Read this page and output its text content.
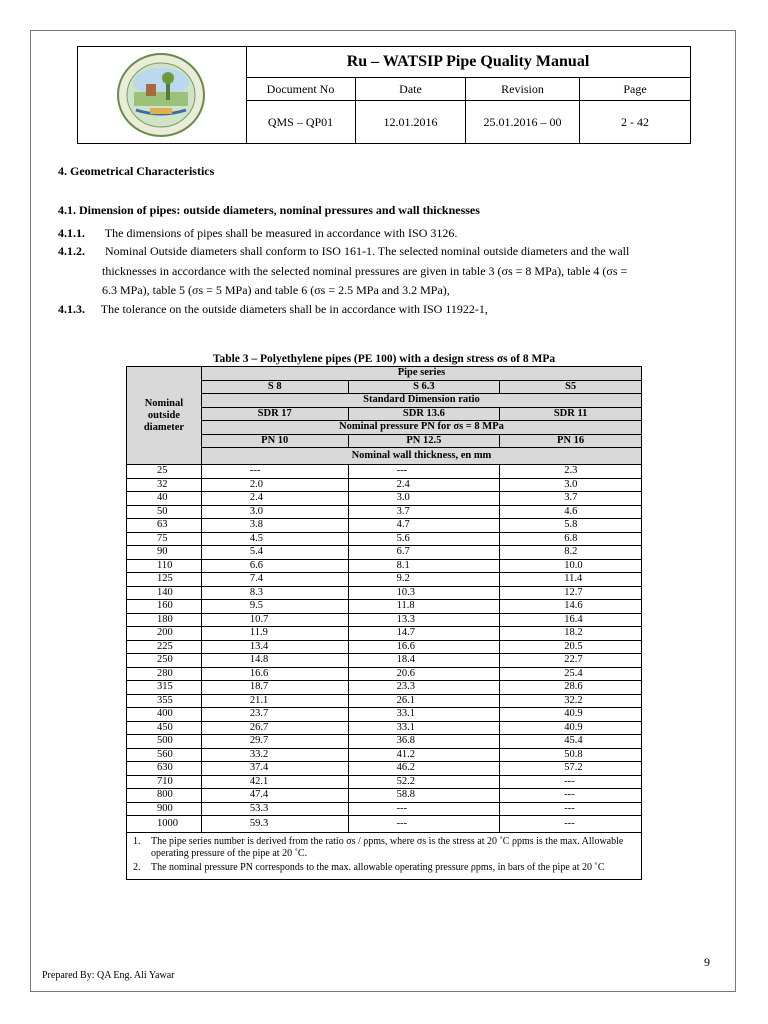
Ru – WATSIP Pipe Quality Manual
Document No	Date	Revision	Page
QMS – QP01	12.01.2016	25.01.2016 – 00	2 - 42
4. Geometrical Characteristics
4.1. Dimension of pipes: outside diameters, nominal pressures and wall thicknesses
4.1.1. The dimensions of pipes shall be measured in accordance with ISO 3126.
4.1.2. Nominal Outside diameters shall conform to ISO 161-1. The selected nominal outside diameters and the wall
thicknesses in accordance with the selected nominal pressures are given in table 3 (σs = 8 MPa), table 4 (σs =
6.3 MPa), table 5 (σs = 5 MPa) and table 6 (σs = 2.5 MPa and 3.2 MPa),
4.1.3. The tolerance on the outside diameters shall be in accordance with ISO 11922-1,
Table 3 – Polyethylene pipes (PE 100) with a design stress σs of 8 MPa
Nominal outside diameter	Pipe series		
	S 8	S 6.3	S5
	Standard Dimension ratio		
	SDR 17	SDR 13.6	SDR 11
	Nominal pressure PN for σs = 8 MPa		
	PN 10	PN 12.5	PN 16
	Nominal wall thickness, en mm		
25	---	---	2.3
32	2.0	2.4	3.0
40	2.4	3.0	3.7
50	3.0	3.7	4.6
63	3.8	4.7	5.8
75	4.5	5.6	6.8
90	5.4	6.7	8.2
110	6.6	8.1	10.0
125	7.4	9.2	11.4
140	8.3	10.3	12.7
160	9.5	11.8	14.6
180	10.7	13.3	16.4
200	11.9	14.7	18.2
225	13.4	16.6	20.5
250	14.8	18.4	22.7
280	16.6	20.6	25.4
315	18.7	23.3	28.6
355	21.1	26.1	32.2
400	23.7	33.1	40.9
450	26.7	33.1	40.9
500	29.7	36.8	45.4
560	33.2	41.2	50.8
630	37.4	46.2	57.2
710	42.1	52.2	---
800	47.4	58.8	---
900	53.3	---	---
1000	59.3	---	---

1. The pipe series number is derived from the ratio σs / ρpms, where σs is the stress at 20 ˚C ρpms is the max. Allowable operating pressure of the pipe at 20 ˚C.
2. The nominal pressure PN corresponds to the max. allowable operating pressure ρpms, in bars of the pipe at 20 ˚C			
9
Prepared By: QA Eng. Ali Yawar
